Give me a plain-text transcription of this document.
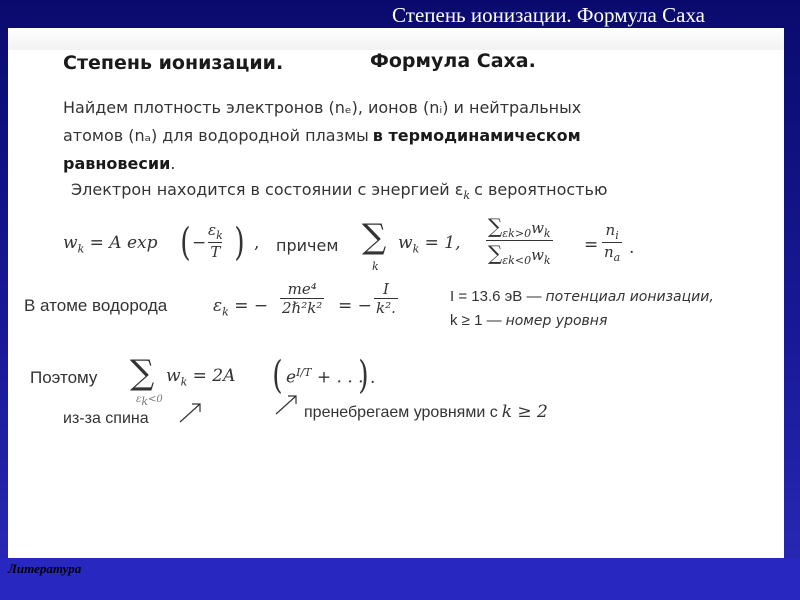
Степень ионизации. Формула Саха
Степень ионизации.	Формула Саха.
Найдем плотность электронов (nₑ), ионов (nᵢ) и нейтральных
атомов (nₐ) для водородной плазмы в термодинамическом
равновесии.
Электрон находится в состоянии с энергией $\varepsilon_k$ с вероятностью
$w_k = A$ exp ( − $\frac{\varepsilon_k}{T}$ ) , причем ∑
k
$w_k = 1$, $\frac{\sum_{\varepsilon k>0}w_k}{\sum_{\varepsilon k<0}w_k} = \frac{n_i}{n_a}$ .
В атоме водорода	$\varepsilon_k$ = −
me⁴
2ℏ²k² = − $\frac{I}{\text{k².}}$	I = 13.6 эВ — потенциал ионизации,
k ≥ 1 — номер уровня
Поэтому ∑
$\varepsilon_k<0$
$w_k = 2A$ ( $e^{I/T}$ + . . .
) .
из-за спина	пренебрегаем уровнями с k ≥ 2
Литература
